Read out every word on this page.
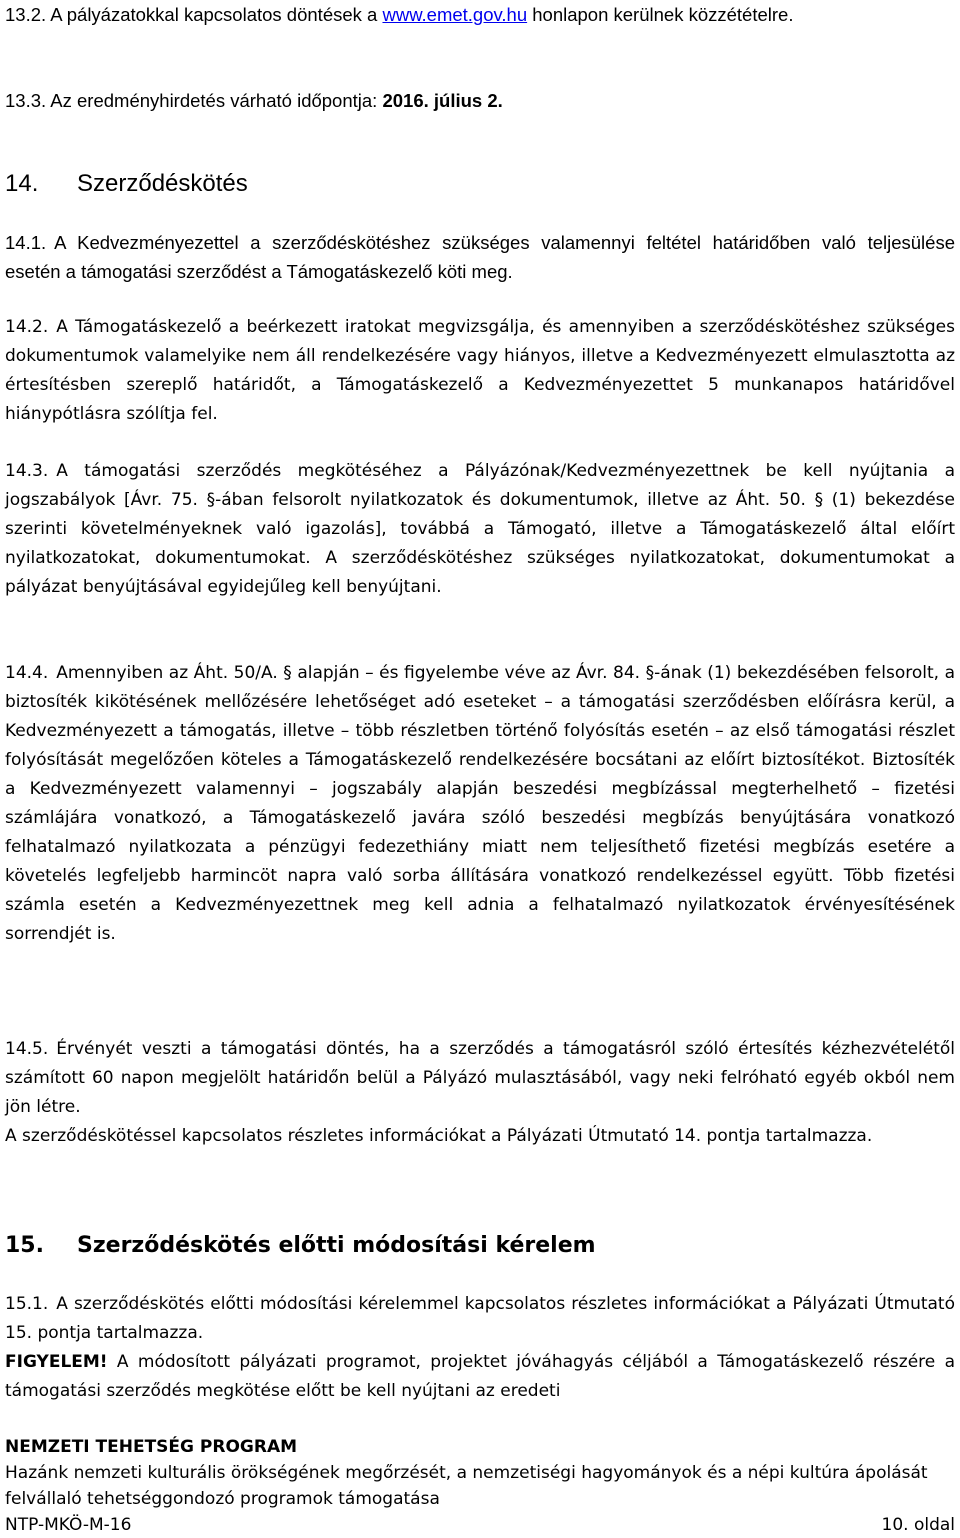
13.2. A pályázatokkal kapcsolatos döntések a www.emet.gov.hu honlapon kerülnek közzétételre.

13.3. Az eredményhirdetés várható időpontja: 2016. július 2.

14. Szerződéskötés

14.1. A Kedvezményezettel a szerződéskötéshez szükséges valamennyi feltétel határidőben való teljesülése esetén a támogatási szerződést a Támogatáskezelő köti meg.

14.2. A Támogatáskezelő a beérkezett iratokat megvizsgálja, és amennyiben a szerződéskötéshez szükséges dokumentumok valamelyike nem áll rendelkezésére vagy hiányos, illetve a Kedvezményezett elmulasztotta az értesítésben szereplő határidőt, a Támogatáskezelő a Kedvezményezettet 5 munkanapos határidővel hiánypótlásra szólítja fel.

14.3. A támogatási szerződés megkötéséhez a Pályázónak/Kedvezményezettnek be kell nyújtania a jogszabályok [Ávr. 75. §-ában felsorolt nyilatkozatok és dokumentumok, illetve az Áht. 50. § (1) bekezdése szerinti követelményeknek való igazolás], továbbá a Támogató, illetve a Támogatáskezelő által előírt nyilatkozatokat, dokumentumokat. A szerződéskötéshez szükséges nyilatkozatokat, dokumentumokat a pályázat benyújtásával egyidejűleg kell benyújtani.

14.4. Amennyiben az Áht. 50/A. § alapján – és figyelembe véve az Ávr. 84. §-ának (1) bekezdésében felsorolt, a biztosíték kikötésének mellőzésére lehetőséget adó eseteket – a támogatási szerződésben előírásra kerül, a Kedvezményezett a támogatás, illetve – több részletben történő folyósítás esetén – az első támogatási részlet folyósítását megelőzően köteles a Támogatáskezelő rendelkezésére bocsátani az előírt biztosítékot. Biztosíték a Kedvezményezett valamennyi – jogszabály alapján beszedési megbízással megterhelhető – fizetési számlájára vonatkozó, a Támogatáskezelő javára szóló beszedési megbízás benyújtására vonatkozó felhatalmazó nyilatkozata a pénzügyi fedezethiány miatt nem teljesíthető fizetési megbízás esetére a követelés legfeljebb harmincöt napra való sorba állítására vonatkozó rendelkezéssel együtt. Több fizetési számla esetén a Kedvezményezettnek meg kell adnia a felhatalmazó nyilatkozatok érvényesítésének sorrendjét is.

14.5. Érvényét veszti a támogatási döntés, ha a szerződés a támogatásról szóló értesítés kézhezvételétől számított 60 napon megjelölt határidőn belül a Pályázó mulasztásából, vagy neki felróható egyéb okból nem jön létre.

A szerződéskötéssel kapcsolatos részletes információkat a Pályázati Útmutató 14. pontja tartalmazza.

15. Szerződéskötés előtti módosítási kérelem

15.1. A szerződéskötés előtti módosítási kérelemmel kapcsolatos részletes információkat a Pályázati Útmutató 15. pontja tartalmazza.

FIGYELEM! A módosított pályázati programot, projektet jóváhagyás céljából a Támogatáskezelő részére a támogatási szerződés megkötése előtt be kell nyújtani az eredeti

NEMZETI TEHETSÉG PROGRAM
Hazánk nemzeti kulturális örökségének megőrzését, a nemzetiségi hagyományok és a népi kultúra ápolását felvállaló tehetséggondozó programok támogatása
NTP-MKÖ-M-16	10. oldal
